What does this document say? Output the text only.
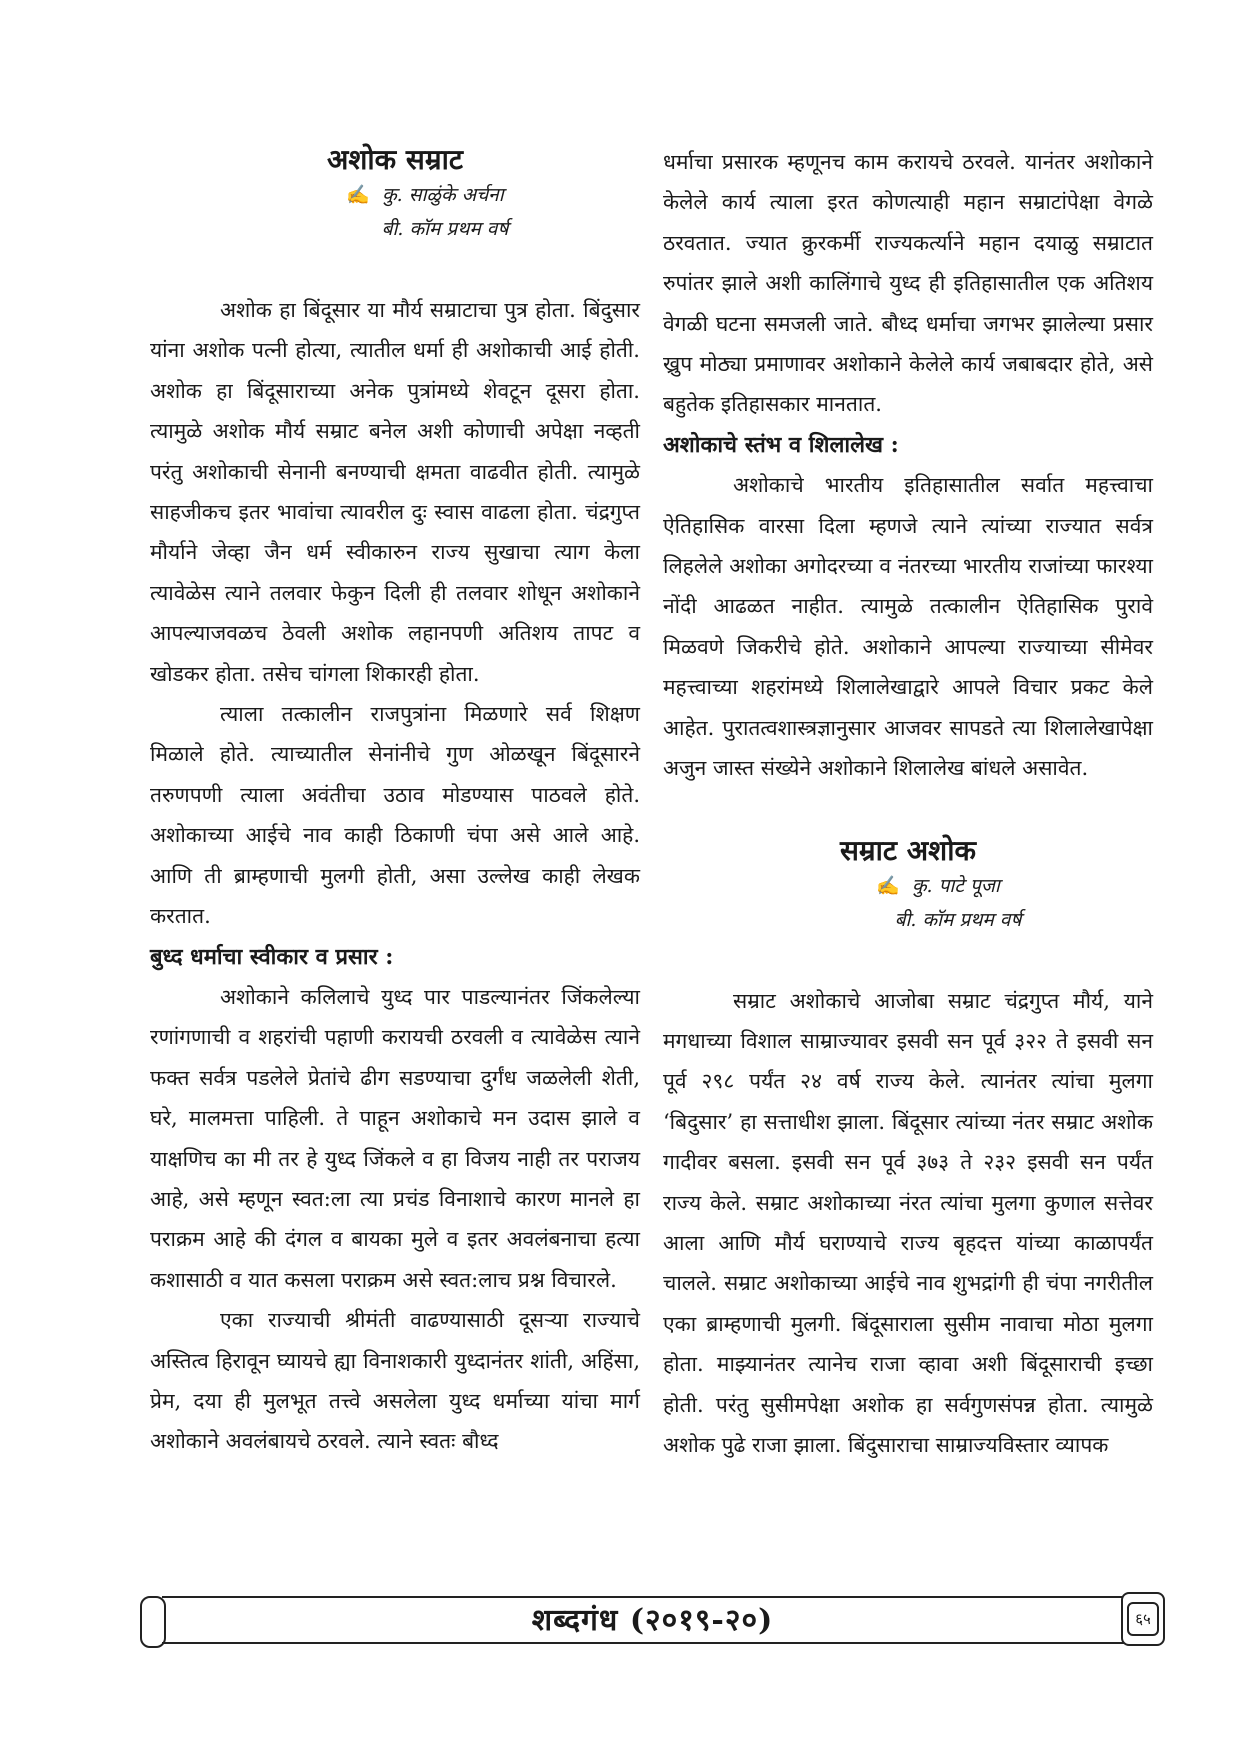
अशोक सम्राट

✍ कु. साळुंके अर्चना

बी. कॉम प्रथम वर्ष

अशोक हा बिंदूसार या मौर्य सम्राटाचा पुत्र होता. बिंदुसार यांना अशोक पत्नी होत्या, त्यातील धर्मा ही अशोकाची आई होती. अशोक हा बिंदूसाराच्या अनेक पुत्रांमध्ये शेवटून दूसरा होता. त्यामुळे अशोक मौर्य सम्राट बनेल अशी कोणाची अपेक्षा नव्हती परंतु अशोकाची सेनानी बनण्याची क्षमता वाढवीत होती. त्यामुळे साहजीकच इतर भावांचा त्यावरील दुः स्वास वाढला होता. चंद्रगुप्त मौर्याने जेव्हा जैन धर्म स्वीकारुन राज्य सुखाचा त्याग केला त्यावेळेस त्याने तलवार फेकुन दिली ही तलवार शोधून अशोकाने आपल्याजवळच ठेवली अशोक लहानपणी अतिशय तापट व खोडकर होता. तसेच चांगला शिकारही होता.

त्याला तत्कालीन राजपुत्रांना मिळणारे सर्व शिक्षण मिळाले होते. त्याच्यातील सेनांनीचे गुण ओळखून बिंदूसारने तरुणपणी त्याला अवंतीचा उठाव मोडण्यास पाठवले होते. अशोकाच्या आईचे नाव काही ठिकाणी चंपा असे आले आहे. आणि ती ब्राम्हणाची मुलगी होती, असा उल्लेख काही लेखक करतात.

बुध्द धर्माचा स्वीकार व प्रसार :

अशोकाने कलिलाचे युध्द पार पाडल्यानंतर जिंकलेल्या रणांगणाची व शहरांची पहाणी करायची ठरवली व त्यावेळेस त्याने फक्त सर्वत्र पडलेले प्रेतांचे ढीग सडण्याचा दुर्गंध जळलेली शेती, घरे, मालमत्ता पाहिली. ते पाहून अशोकाचे मन उदास झाले व याक्षणिच का मी तर हे युध्द जिंकले व हा विजय नाही तर पराजय आहे, असे म्हणून स्वत:ला त्या प्रचंड विनाशाचे कारण मानले हा पराक्रम आहे की दंगल व बायका मुले व इतर अवलंबनाचा हत्या कशासाठी व यात कसला पराक्रम असे स्वत:लाच प्रश्न विचारले.

एका राज्याची श्रीमंती वाढण्यासाठी दूसऱ्या राज्याचे अस्तित्व हिरावून घ्यायचे ह्या विनाशकारी युध्दानंतर शांती, अहिंसा, प्रेम, दया ही मुलभूत तत्त्वे असलेला युध्द धर्माच्या यांचा मार्ग अशोकाने अवलंबायचे ठरवले. त्याने स्वतः बौध्द

धर्माचा प्रसारक म्हणूनच काम करायचे ठरवले. यानंतर अशोकाने केलेले कार्य त्याला इरत कोणत्याही महान सम्राटांपेक्षा वेगळे ठरवतात. ज्यात क्रुरकर्मी राज्यकर्त्याने महान दयाळु सम्राटात रुपांतर झाले अशी कालिंगाचे युध्द ही इतिहासातील एक अतिशय वेगळी घटना समजली जाते. बौध्द धर्माचा जगभर झालेल्या प्रसार ख्रुप मोठ्या प्रमाणावर अशोकाने केलेले कार्य जबाबदार होते, असे बहुतेक इतिहासकार मानतात.

अशोकाचे स्तंभ व शिलालेख :

अशोकाचे भारतीय इतिहासातील सर्वात महत्त्वाचा ऐतिहासिक वारसा दिला म्हणजे त्याने त्यांच्या राज्यात सर्वत्र लिहलेले अशोका अगोदरच्या व नंतरच्या भारतीय राजांच्या फारश्या नोंदी आढळत नाहीत. त्यामुळे तत्कालीन ऐतिहासिक पुरावे मिळवणे जिकरीचे होते. अशोकाने आपल्या राज्याच्या सीमेवर महत्त्वाच्या शहरांमध्ये शिलालेखाद्वारे आपले विचार प्रकट केले आहेत. पुरातत्वशास्त्रज्ञानुसार आजवर सापडते त्या शिलालेखापेक्षा अजुन जास्त संख्येने अशोकाने शिलालेख बांधले असावेत.

सम्राट अशोक

✍ कु. पाटे पूजा

बी. कॉम प्रथम वर्ष

सम्राट अशोकाचे आजोबा सम्राट चंद्रगुप्त मौर्य, याने मगधाच्या विशाल साम्राज्यावर इसवी सन पूर्व ३२२ ते इसवी सन पूर्व २९८ पर्यंत २४ वर्ष राज्य केले. त्यानंतर त्यांचा मुलगा ‘बिदुसार’ हा सत्ताधीश झाला. बिंदूसार त्यांच्या नंतर सम्राट अशोक गादीवर बसला. इसवी सन पूर्व ३७३ ते २३२ इसवी सन पर्यंत राज्य केले. सम्राट अशोकाच्या नंरत त्यांचा मुलगा कुणाल सत्तेवर आला आणि मौर्य घराण्याचे राज्य बृहदत्त यांच्या काळापर्यंत चालले. सम्राट अशोकाच्या आईचे नाव शुभद्रांगी ही चंपा नगरीतील एका ब्राम्हणाची मुलगी. बिंदूसाराला सुसीम नावाचा मोठा मुलगा होता. माझ्यानंतर त्यानेच राजा व्हावा अशी बिंदूसाराची इच्छा होती. परंतु सुसीमपेक्षा अशोक हा सर्वगुणसंपन्न होता. त्यामुळे अशोक पुढे राजा झाला. बिंदुसाराचा साम्राज्यविस्तार व्यापक

शब्दगंध (२०१९-२०)	६५
